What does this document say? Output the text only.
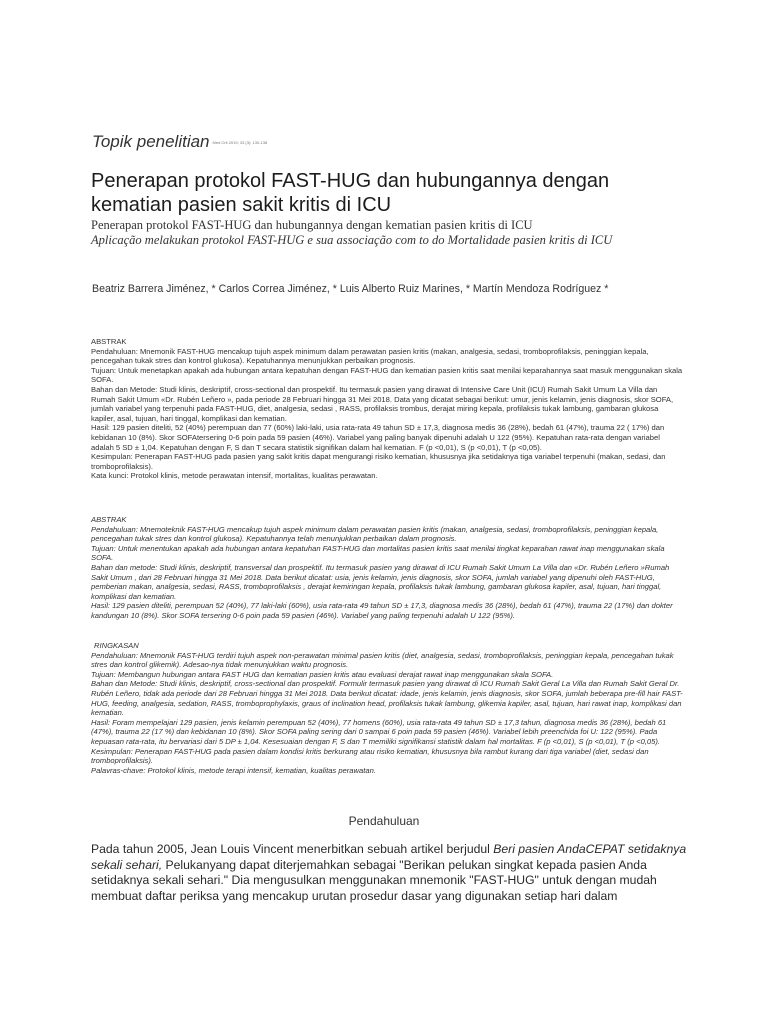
Topik penelitian Med Crit 2019; 33 (3): 130-138
Penerapan protokol FAST-HUG dan hubungannya dengan kematian pasien sakit kritis di ICU
Penerapan protokol FAST-HUG dan hubungannya dengan kematian pasien kritis di ICU
Aplicação melakukan protokol FAST-HUG e sua associação com to do Mortalidade pasien kritis di ICU
Beatriz Barrera Jiménez, * Carlos Correa Jiménez, * Luis Alberto Ruiz Marines, * Martín Mendoza Rodríguez *

ABSTRAK

Pendahuluan: Mnemonik FAST-HUG mencakup tujuh aspek minimum dalam perawatan pasien kritis (makan, analgesia, sedasi, tromboprofilaksis, peninggian kepala, pencegahan tukak stres dan kontrol glukosa). Kepatuhannya menunjukkan perbaikan prognosis.

Tujuan: Untuk menetapkan apakah ada hubungan antara kepatuhan dengan FAST-HUG dan kematian pasien kritis saat menilai keparahannya saat masuk menggunakan skala SOFA.

Bahan dan Metode: Studi klinis, deskriptif, cross-sectional dan prospektif. Itu termasuk pasien yang dirawat di Intensive Care Unit (ICU) Rumah Sakit Umum La Villa dan Rumah Sakit Umum «Dr. Rubén Leñero », pada periode 28 Februari hingga 31 Mei 2018. Data yang dicatat sebagai berikut: umur, jenis kelamin, jenis diagnosis, skor SOFA, jumlah variabel yang terpenuhi pada FAST-HUG, diet, analgesia, sedasi , RASS, profilaksis trombus, derajat miring kepala, profilaksis tukak lambung, gambaran glukosa kapiler, asal, tujuan, hari tinggal, komplikasi dan kematian.

Hasil: 129 pasien diteliti, 52 (40%) perempuan dan 77 (60%) laki-laki, usia rata-rata 49 tahun SD ± 17,3, diagnosa medis 36 (28%), bedah 61 (47%), trauma 22 ( 17%) dan kebidanan 10 (8%). Skor SOFAtersering 0-6 poin pada 59 pasien (46%). Variabel yang paling banyak dipenuhi adalah U 122 (95%). Kepatuhan rata-rata dengan variabel adalah 5 SD ± 1,04. Kepatuhan dengan F, S dan T secara statistik signifikan dalam hal kematian. F (p <0,01), S (p <0,01), T (p <0,05).

Kesimpulan: Penerapan FAST-HUG pada pasien yang sakit kritis dapat mengurangi risiko kematian, khususnya jika setidaknya tiga variabel terpenuhi (makan, sedasi, dan tromboprofilaksis).

Kata kunci: Protokol klinis, metode perawatan intensif, mortalitas, kualitas perawatan.

ABSTRAK

Pendahuluan: Mnemoteknik FAST-HUG mencakup tujuh aspek minimum dalam perawatan pasien kritis (makan, analgesia, sedasi, tromboprofilaksis, peninggian kepala, pencegahan tukak stres dan kontrol glukosa). Kepatuhannya telah menunjukkan perbaikan dalam prognosis.

Tujuan: Untuk menentukan apakah ada hubungan antara kepatuhan FAST-HUG dan mortalitas pasien kritis saat menilai tingkat keparahan rawat inap menggunakan skala SOFA.

Bahan dan metode: Studi klinis, deskriptif, transversal dan prospektif. Itu termasuk pasien yang dirawat di ICU Rumah Sakit Umum La Villa dan «Dr. Rubén Leñero »Rumah Sakit Umum , dari 28 Februari hingga 31 Mei 2018. Data berikut dicatat: usia, jenis kelamin, jenis diagnosis, skor SOFA, jumlah variabel yang dipenuhi oleh FAST-HUG, pemberian makan, analgesia, sedasi, RASS, tromboprofilaksis , derajat kemiringan kepala, profilaksis tukak lambung, gambaran glukosa kapiler, asal, tujuan, hari tinggal, komplikasi dan kematian.

Hasil: 129 pasien diteliti, perempuan 52 (40%), 77 laki-laki (60%), usia rata-rata 49 tahun SD ± 17,3, diagnosa medis 36 (28%), bedah 61 (47%), trauma 22 (17%) dan dokter kandungan 10 (8%). Skor SOFA tersering 0-6 poin pada 59 pasien (46%). Variabel yang paling terpenuhi adalah U 122 (95%).

RINGKASAN

Pendahuluan: Mnemonik FAST-HUG terdiri tujuh aspek non-perawatan minimal pasien kritis (diet, analgesia, sedasi, tromboprofilaksis, peninggian kepala, pencegahan tukak stres dan kontrol glikemik). Adesao-nya tidak menunjukkan waktu prognosis.

Tujuan: Membangun hubungan antara FAST HUG dan kematian pasien kritis atau evaluasi derajat rawat inap menggunakan skala SOFA.

Bahan dan Metode: Studi klinis, deskriptif, cross-sectional dan prospektif. Formulir termasuk pasien yang dirawat di ICU Rumah Sakit Geral La Villa dan Rumah Sakit Geral Dr. Rubén Leñero, tidak ada periode dari 28 Februari hingga 31 Mei 2018. Data berikut dicatat: idade, jenis kelamin, jenis diagnosis, skor SOFA, jumlah beberapa pre-fill hair FAST-HUG, feeding, analgesia, sedation, RASS, tromboprophylaxis, graus of inclination head, profilaksis tukak lambung, glikemia kapiler, asal, tujuan, hari rawat inap, komplikasi dan kematian.

Hasil: Foram mempelajari 129 pasien, jenis kelamin perempuan 52 (40%), 77 homens (60%), usia rata-rata 49 tahun SD ± 17,3 tahun, diagnosa medis 36 (28%), bedah 61 (47%), trauma 22 (17 %) dan kebidanan 10 (8%). Skor SOFA paling sering dari 0 sampai 6 poin pada 59 pasien (46%). Variabel lebih preenchida foi U: 122 (95%). Pada kepuasan rata-rata, itu bervariasi dari 5 DP ± 1,04. Kesesuaian dengan F, S dan T memiliki signifikansi statistik dalam hal mortalitas. F (p <0,01), S (p <0,01), T (p <0,05).

Kesimpulan: Penerapan FAST-HUG pada pasien dalam kondisi kritis berkurang atau risiko kematian, khususnya bila rambut kurang dari tiga variabel (diet, sedasi dan tromboprofilaksis).

Palavras-chave: Protokol klinis, metode terapi intensif, kematian, kualitas perawatan.

Pendahuluan

Pada tahun 2005, Jean Louis Vincent menerbitkan sebuah artikel berjudul Beri pasien AndaCEPAT setidaknya sekali sehari, Pelukanyang dapat diterjemahkan sebagai "Berikan pelukan singkat kepada pasien Anda setidaknya sekali sehari." Dia mengusulkan menggunakan mnemonik "FAST-HUG" untuk dengan mudah membuat daftar periksa yang mencakup urutan prosedur dasar yang digunakan setiap hari dalam
